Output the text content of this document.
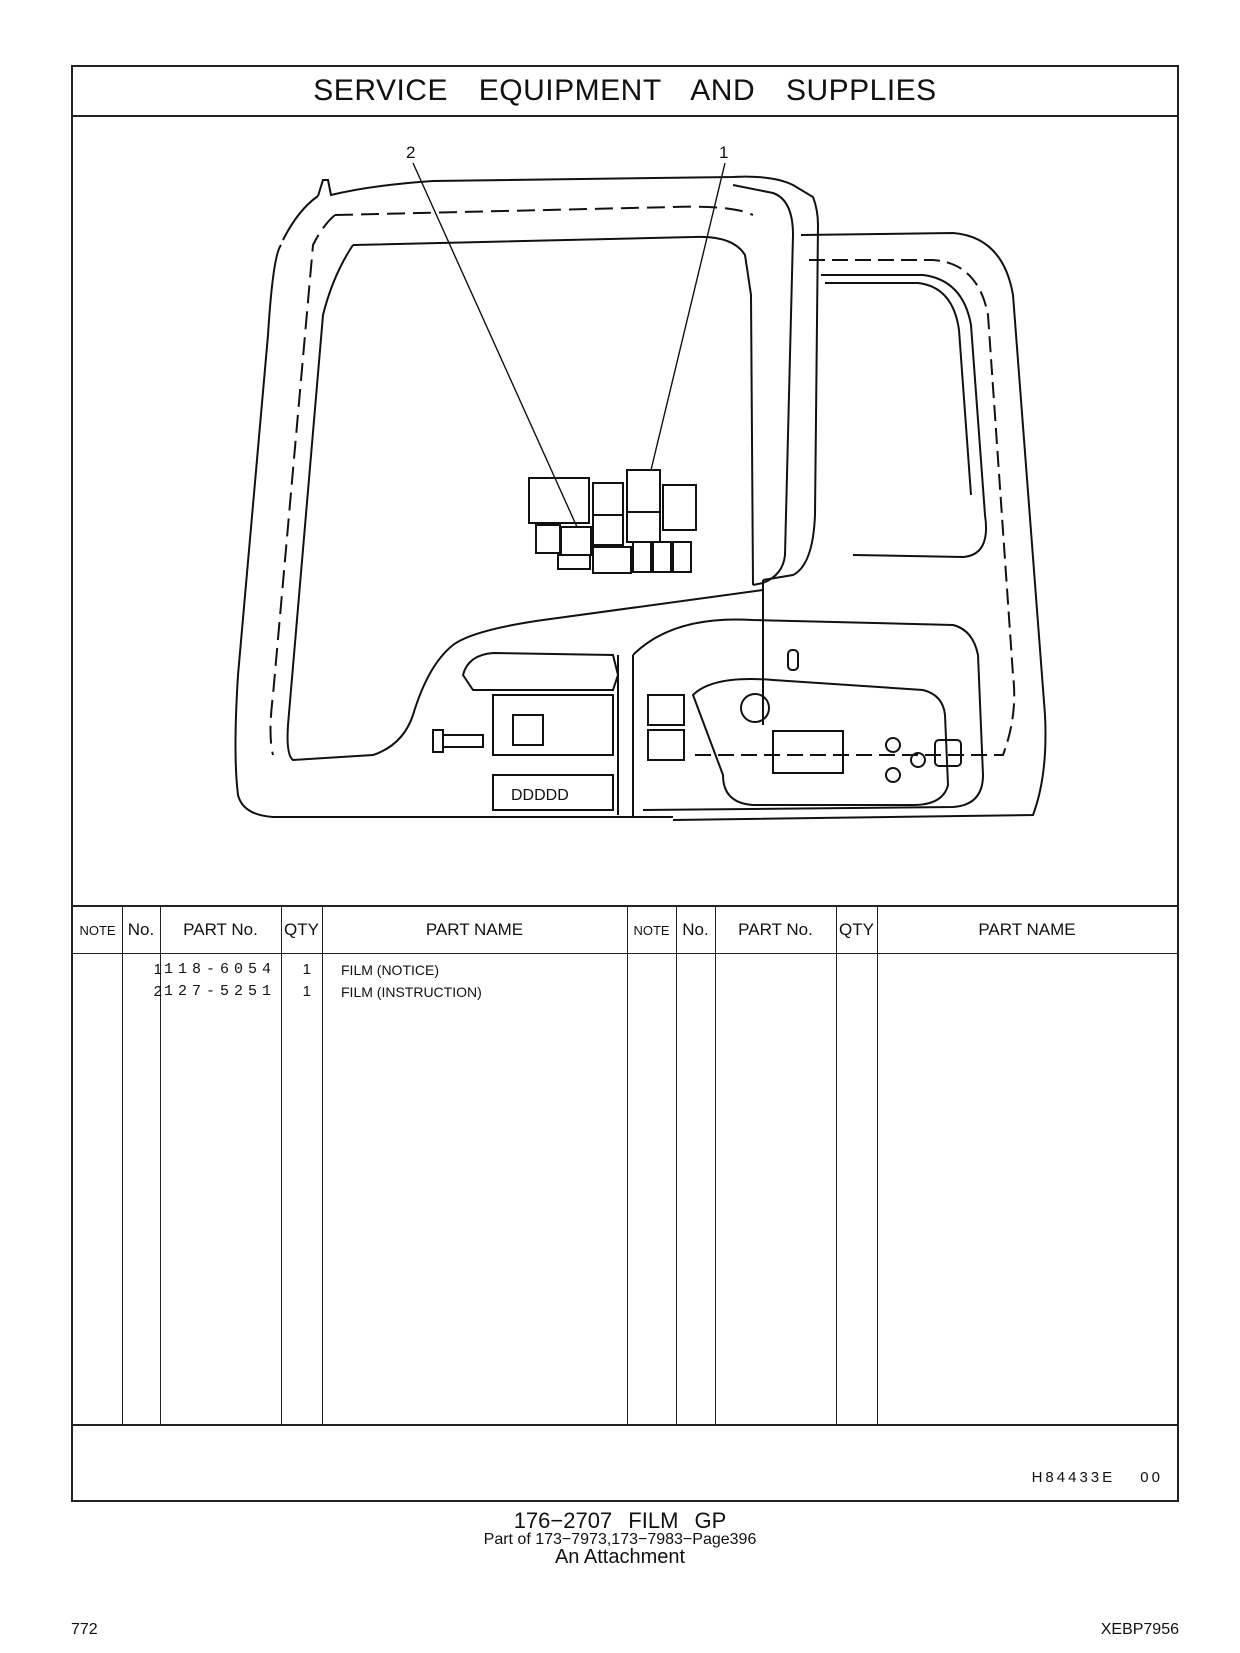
SERVICE EQUIPMENT AND SUPPLIES
DDDDD
2	1
NOTE No.	PART No.	QTY	PART NAME	NOTE No.	PART No.	QTY	PART NAME
1 118-6054	1 FILM (NOTICE)
2 127-5251	1 FILM (INSTRUCTION)
H84433E 00
176−2707 FILM GP
Part of 173−7973,173−7983−Page396
An Attachment
772	XEBP7956
